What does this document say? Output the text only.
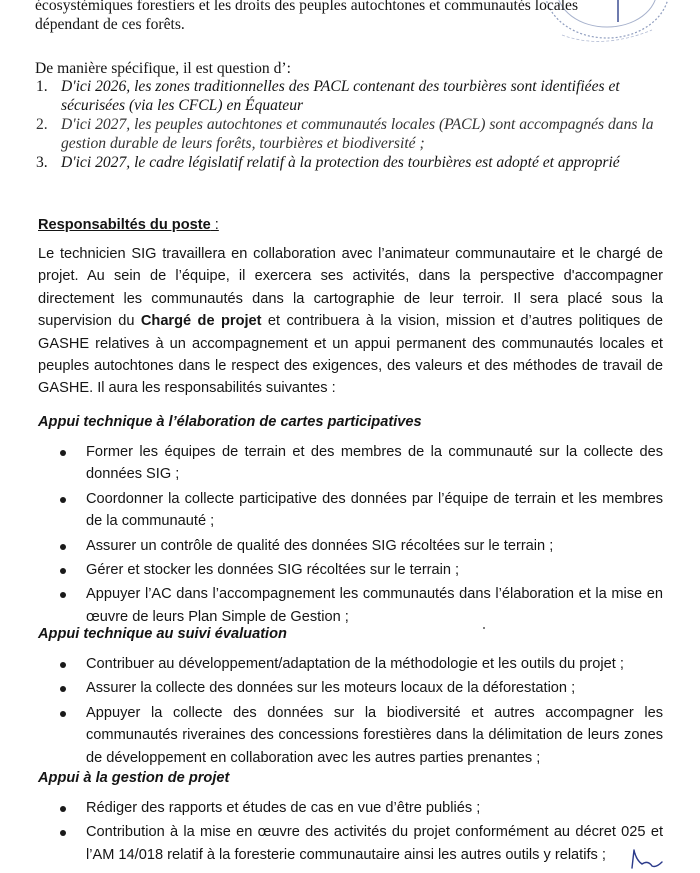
écosystémiques forestiers et les droits des peuples autochtones et communautés locales
dépendant de ces forêts.
De manière spécifique, il est question d’:
1. D'ici 2026, les zones traditionnelles des PACL contenant des tourbières sont identifiées et sécurisées (via les CFCL) en Équateur
2. D'ici 2027, les peuples autochtones et communautés locales (PACL) sont accompagnés dans la gestion durable de leurs forêts, tourbières et biodiversité ;
3. D'ici 2027, le cadre législatif relatif à la protection des tourbières est adopté et approprié
Responsabiltés du poste :
Le technicien SIG travaillera en collaboration avec l’animateur communautaire et le chargé de projet. Au sein de l’équipe, il exercera ses activités, dans la perspective d'accompagner directement les communautés dans la cartographie de leur terroir. Il sera placé sous la supervision du Chargé de projet et contribuera à la vision, mission et d’autres politiques de GASHE relatives à un accompagnement et un appui permanent des communautés locales et peuples autochtones dans le respect des exigences, des valeurs et des méthodes de travail de GASHE. Il aura les responsabilités suivantes :
Appui technique à l’élaboration de cartes participatives
Former les équipes de terrain et des membres de la communauté sur la collecte des données SIG ;
Coordonner la collecte participative des données par l’équipe de terrain et les membres de la communauté ;
Assurer un contrôle de qualité des données SIG récoltées sur le terrain ;
Gérer et stocker les données SIG récoltées sur le terrain ;
Appuyer l’AC dans l’accompagnement les communautés dans l’élaboration et la mise en œuvre de leurs Plan Simple de Gestion ;
Appui technique au suivi évaluation
Contribuer au développement/adaptation de la méthodologie et les outils du projet ;
Assurer la collecte des données sur les moteurs locaux de la déforestation ;
Appuyer la collecte des données sur la biodiversité et autres accompagner les communautés riveraines des concessions forestières dans la délimitation de leurs zones de développement en collaboration avec les autres parties prenantes ;
Appui à la gestion de projet
Rédiger des rapports et études de cas en vue d’être publiés ;
Contribution à la mise en œuvre des activités du projet conformément au décret 025 et l’AM 14/018 relatif à la foresterie communautaire ainsi les autres outils y relatifs ;
